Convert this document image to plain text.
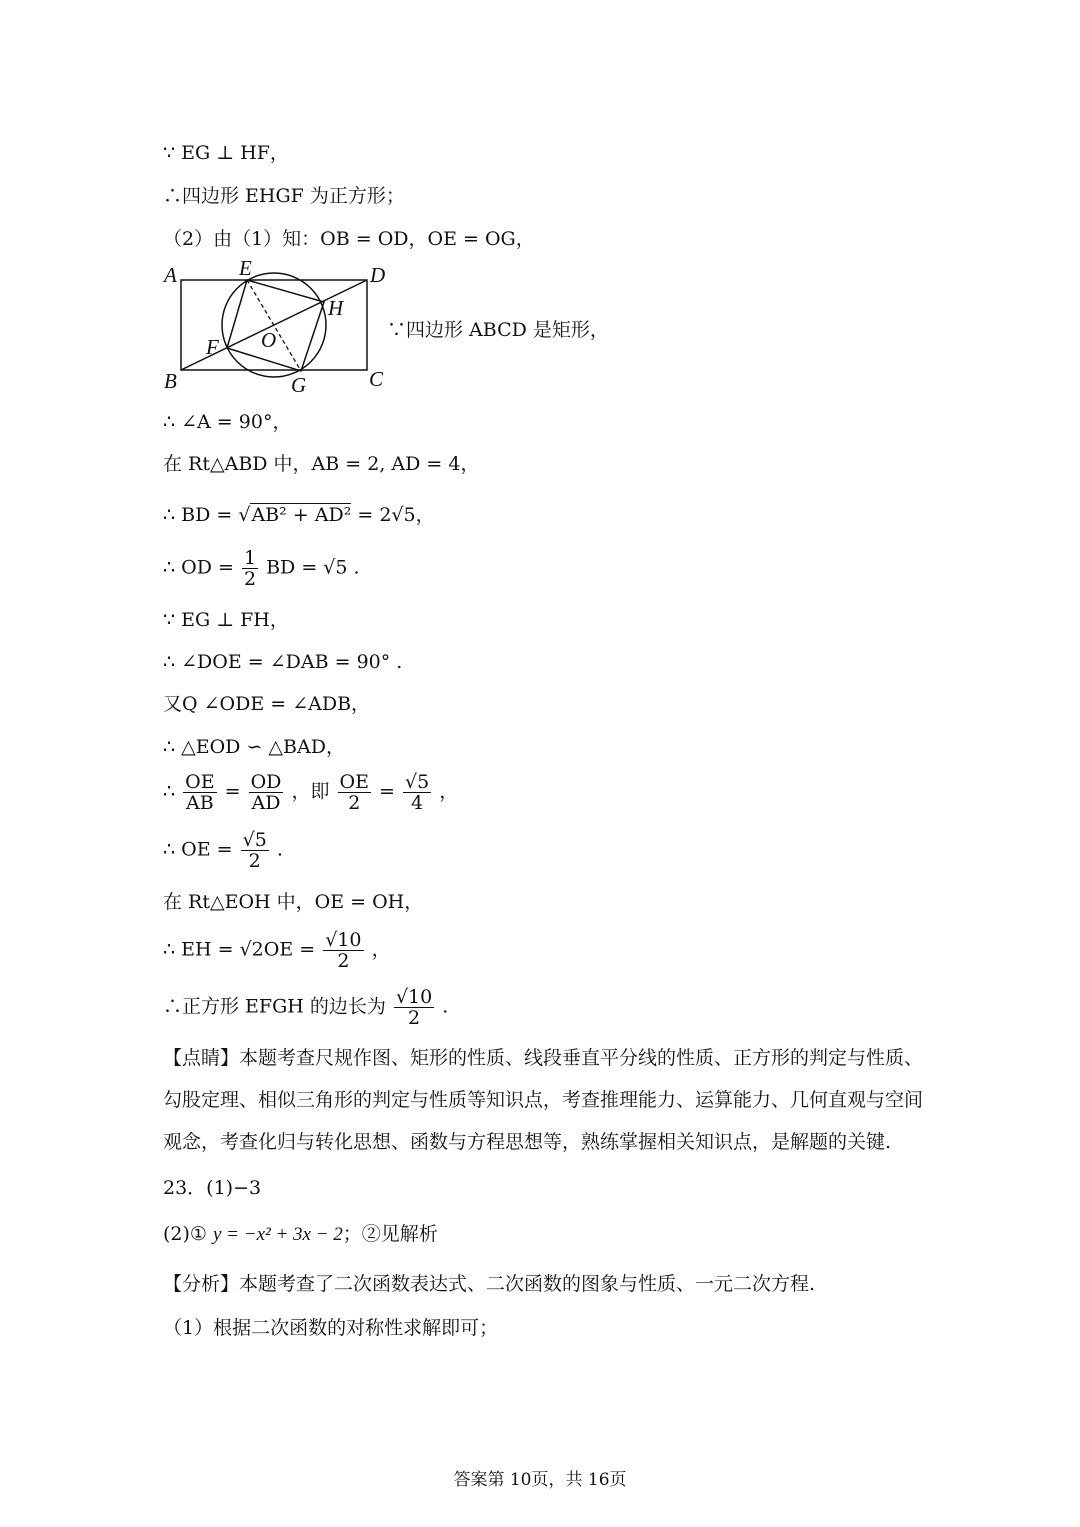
∵ EG ⊥ HF，
∴四边形 EHGF 为正方形；
（2）由（1）知：OB = OD，OE = OG，
A	E	D
H
O
F
B	G	C
∵四边形 ABCD 是矩形，
∴ ∠A = 90°，
在 Rt△ABD 中，AB = 2, AD = 4，
∴ BD = √AB² + AD² = 2√5，
∴ OD = $\frac{1}{2}$ BD = √5 .
∵ EG ⊥ FH，
∴ ∠DOE = ∠DAB = 90° .
又Q ∠ODE = ∠ADB，
∴ △EOD ∽ △BAD，
∴ $\frac{OE}{AB} = \frac{OD}{AD}$ ，即 $\frac{OE}{2} = \frac{√5}{4}$ ，
∴ OE = $\frac{√5}{2}$ .
在 Rt△EOH 中，OE = OH，
∴ EH = $√2OE = \frac{√10}{2}$ ，
∴正方形 EFGH 的边长为 $\frac{√10}{2}$ .
【点睛】本题考查尺规作图、矩形的性质、线段垂直平分线的性质、正方形的判定与性质、勾股定理、相似三角形的判定与性质等知识点，考查推理能力、运算能力、几何直观与空间观念，考查化归与转化思想、函数与方程思想等，熟练掌握相关知识点，是解题的关键.
23．(1)−3
(2)① y = −x² + 3x − 2；②见解析
【分析】本题考查了二次函数表达式、二次函数的图象与性质、一元二次方程.
（1）根据二次函数的对称性求解即可；
答案第 10页，共 16页
